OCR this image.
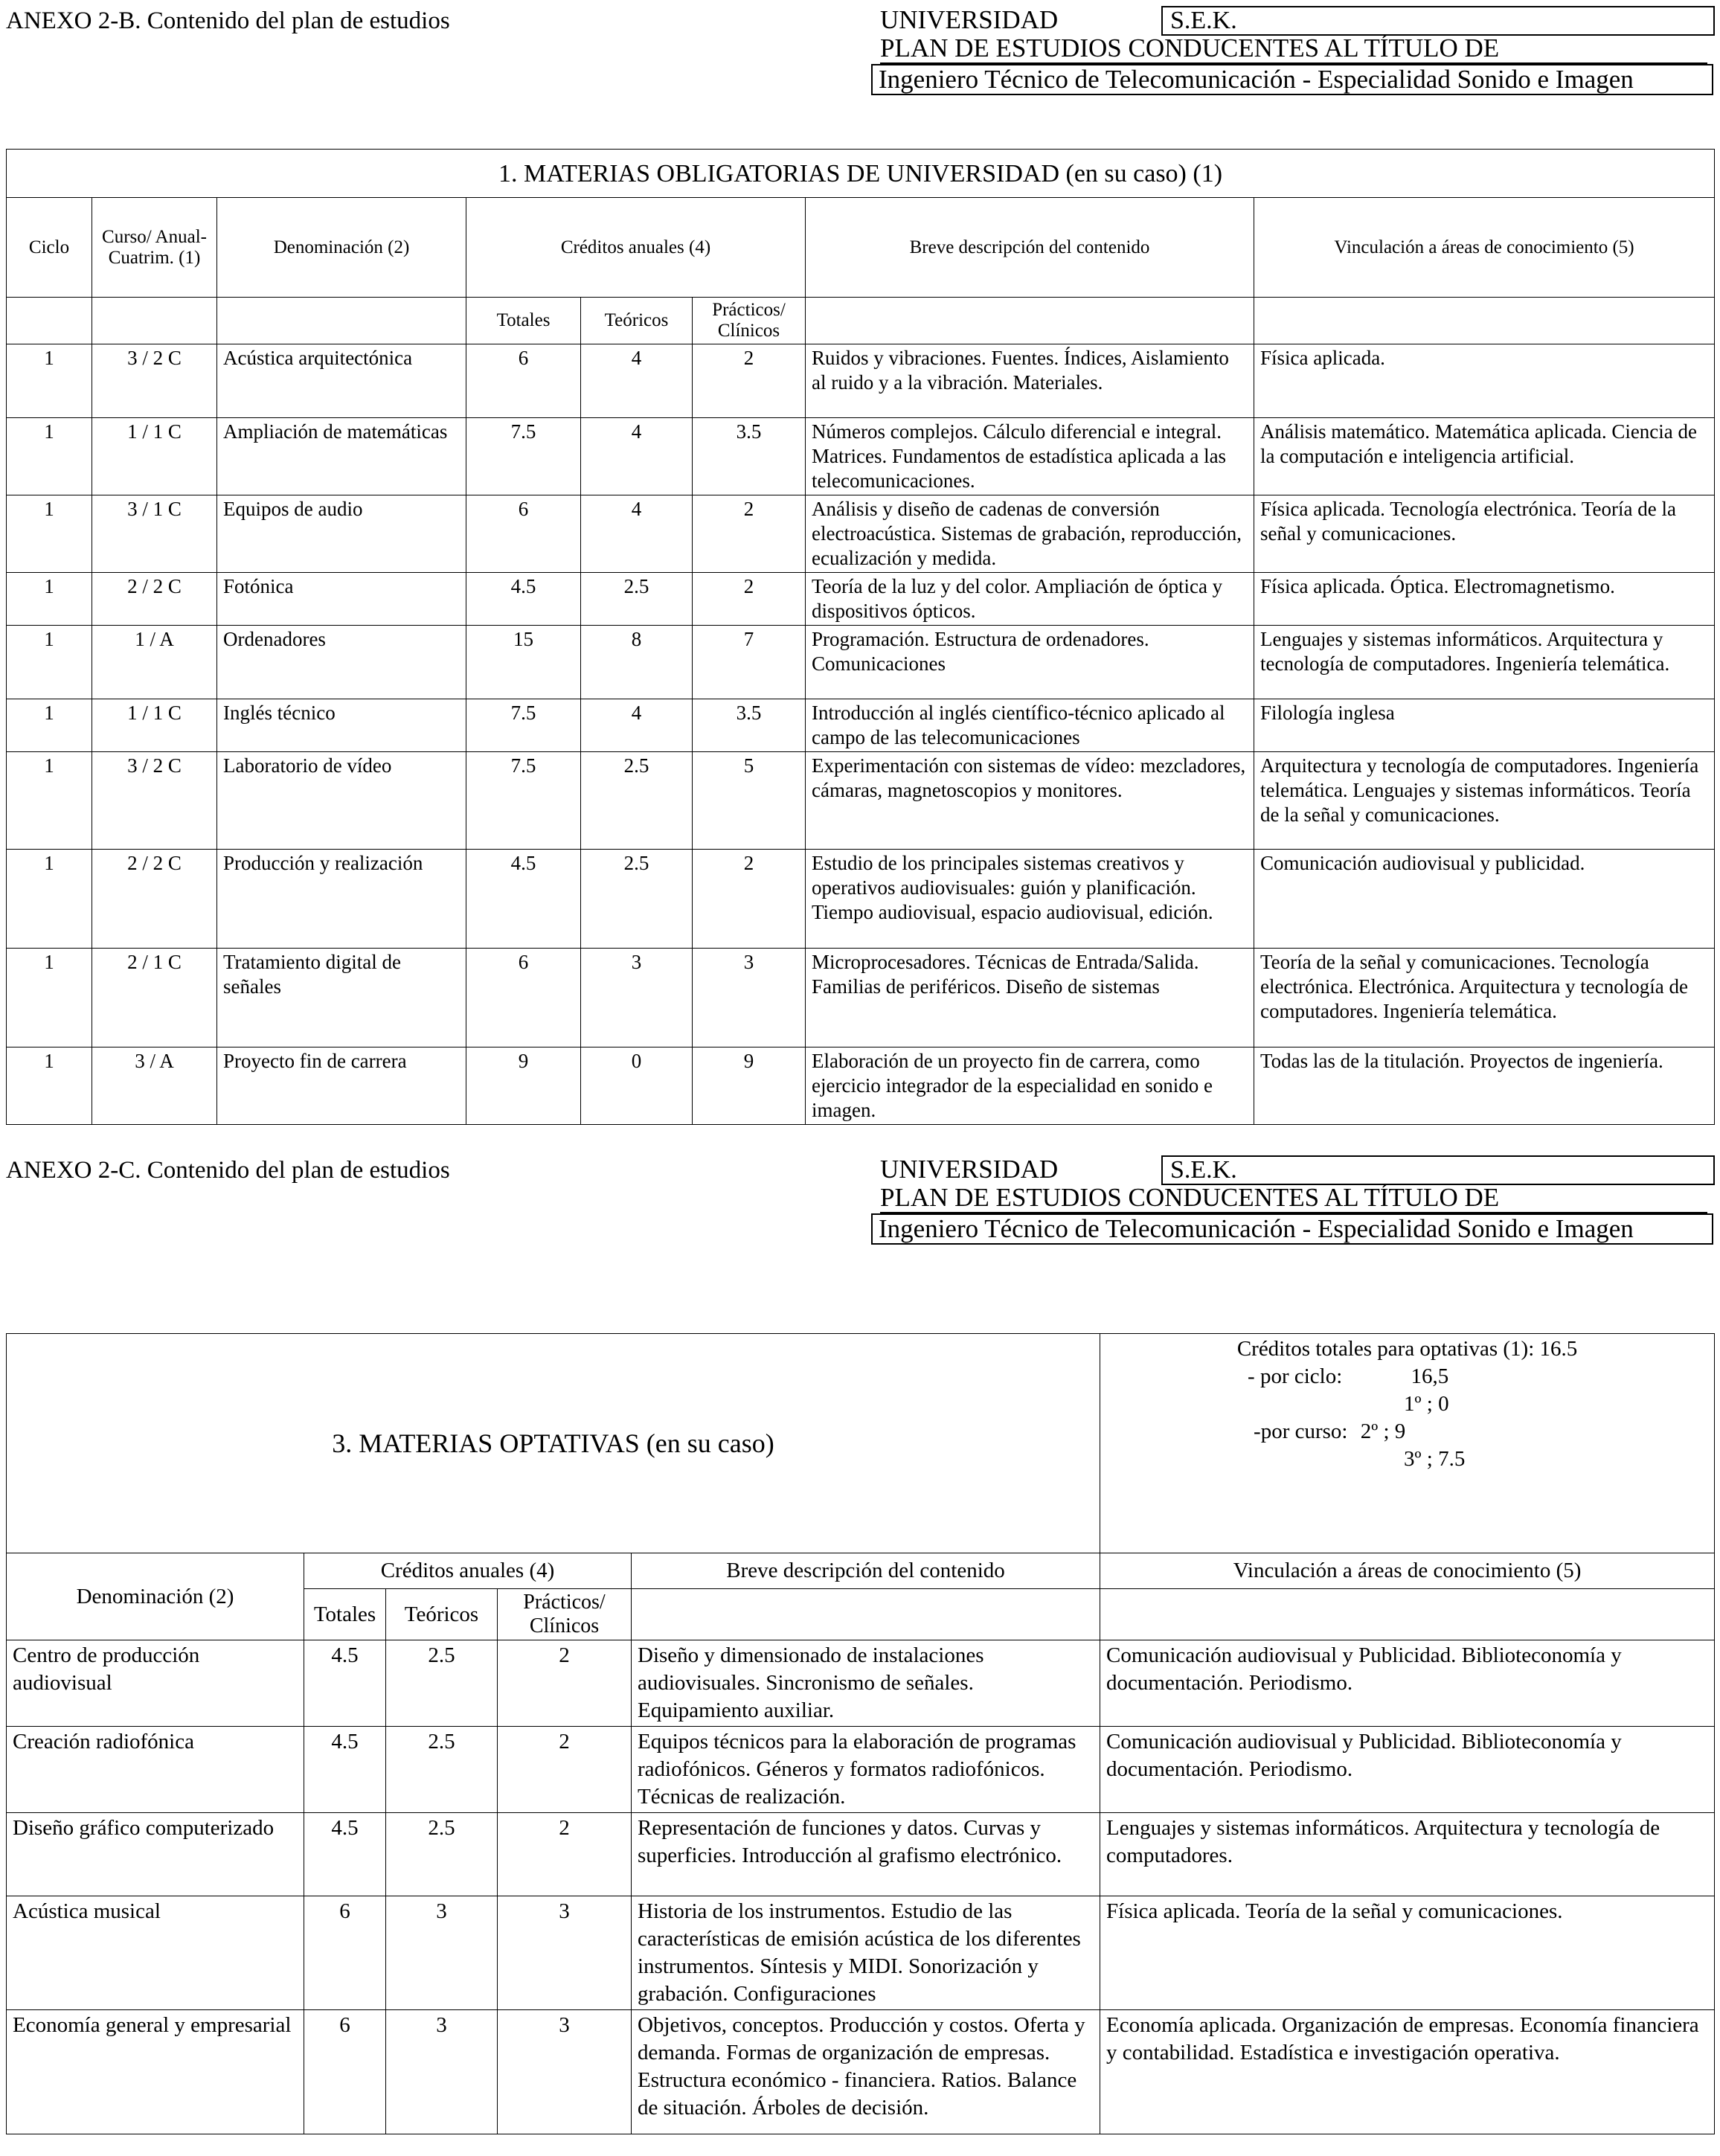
ANEXO 2-B. Contenido del plan de estudios	UNIVERSIDAD	S.E.K.
PLAN DE ESTUDIOS CONDUCENTES AL TÍTULO DE
Ingeniero Técnico de Telecomunicación - Especialidad Sonido e Imagen
1. MATERIAS OBLIGATORIAS DE UNIVERSIDAD (en su caso) (1)							
Ciclo	Curso/ Anual- Cuatrim. (1)	Denominación (2)	Créditos anuales (4)			Breve descripción del contenido	Vinculación a áreas de conocimiento (5)
			Totales	Teóricos	Prácticos/ Clínicos		
1	3 / 2 C	Acústica arquitectónica	6	4	2	Ruidos y vibraciones. Fuentes. Índices, Aislamiento al ruido y a la vibración. Materiales.	Física aplicada.
1	1 / 1 C	Ampliación de matemáticas	7.5	4	3.5	Números complejos. Cálculo diferencial e integral. Matrices. Fundamentos de estadística aplicada a las telecomunicaciones.	Análisis matemático. Matemática aplicada. Ciencia de la computación e inteligencia artificial.
1	3 / 1 C	Equipos de audio	6	4	2	Análisis y diseño de cadenas de conversión electroacústica. Sistemas de grabación, reproducción, ecualización y medida.	Física aplicada. Tecnología electrónica. Teoría de la señal y comunicaciones.
1	2 / 2 C	Fotónica	4.5	2.5	2	Teoría de la luz y del color. Ampliación de óptica y dispositivos ópticos.	Física aplicada. Óptica. Electromagnetismo.
1	1 / A	Ordenadores	15	8	7	Programación. Estructura de ordenadores. Comunicaciones	Lenguajes y sistemas informáticos. Arquitectura y tecnología de computadores. Ingeniería telemática.
1	1 / 1 C	Inglés técnico	7.5	4	3.5	Introducción al inglés científico-técnico aplicado al campo de las telecomunicaciones	Filología inglesa
1	3 / 2 C	Laboratorio de vídeo	7.5	2.5	5	Experimentación con sistemas de vídeo: mezcladores, cámaras, magnetoscopios y monitores.	Arquitectura y tecnología de computadores. Ingeniería telemática. Lenguajes y sistemas informáticos. Teoría de la señal y comunicaciones.
1	2 / 2 C	Producción y realización	4.5	2.5	2	Estudio de los principales sistemas creativos y operativos audiovisuales: guión y planificación. Tiempo audiovisual, espacio audiovisual, edición.	Comunicación audiovisual y publicidad.
1	2 / 1 C	Tratamiento digital de señales	6	3	3	Microprocesadores. Técnicas de Entrada/Salida. Familias de periféricos. Diseño de sistemas	Teoría de la señal y comunicaciones. Tecnología electrónica. Electrónica. Arquitectura y tecnología de computadores. Ingeniería telemática.
1	3 / A	Proyecto fin de carrera	9	0	9	Elaboración de un proyecto fin de carrera, como ejercicio integrador de la especialidad en sonido e imagen.	Todas las de la titulación. Proyectos de ingeniería.
ANEXO 2-C. Contenido del plan de estudios	UNIVERSIDAD	S.E.K.
PLAN DE ESTUDIOS CONDUCENTES AL TÍTULO DE
Ingeniero Técnico de Telecomunicación - Especialidad Sonido e Imagen
3. MATERIAS OPTATIVAS (en su caso)					Créditos totales para optativas (1): 16.5
- por ciclo: 16,5
1º ; 0
-por curso: 2º ; 9
3º ; 7.5

Denominación (2)	Créditos anuales (4)			Breve descripción del contenido	Vinculación a áreas de conocimiento (5)
	Totales	Teóricos	Prácticos/ Clínicos		
Centro de producción audiovisual	4.5	2.5	2	Diseño y dimensionado de instalaciones audiovisuales. Sincronismo de señales. Equipamiento auxiliar.	Comunicación audiovisual y Publicidad. Biblioteconomía y documentación. Periodismo.
Creación radiofónica	4.5	2.5	2	Equipos técnicos para la elaboración de programas radiofónicos. Géneros y formatos radiofónicos. Técnicas de realización.	Comunicación audiovisual y Publicidad. Biblioteconomía y documentación. Periodismo.
Diseño gráfico computerizado	4.5	2.5	2	Representación de funciones y datos. Curvas y superficies. Introducción al grafismo electrónico.	Lenguajes y sistemas informáticos. Arquitectura y tecnología de computadores.
Acústica musical	6	3	3	Historia de los instrumentos. Estudio de las características de emisión acústica de los diferentes instrumentos. Síntesis y MIDI. Sonorización y grabación. Configuraciones	Física aplicada. Teoría de la señal y comunicaciones.
Economía general y empresarial	6	3	3	Objetivos, conceptos. Producción y costos. Oferta y demanda. Formas de organización de empresas. Estructura económico - financiera. Ratios. Balance de situación. Árboles de decisión.	Economía aplicada. Organización de empresas. Economía financiera y contabilidad. Estadística e investigación operativa.
